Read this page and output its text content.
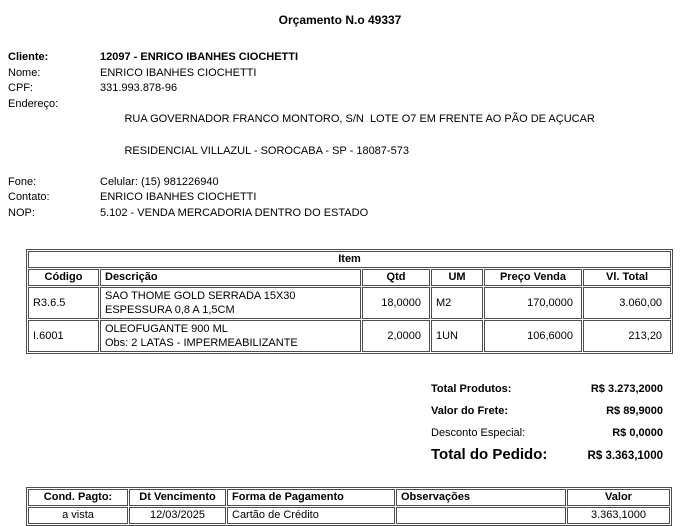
Orçamento N.o 49337
Cliente:	12097 - ENRICO IBANHES CIOCHETTI
Nome:	ENRICO IBANHES CIOCHETTI
CPF:	331.993.878-96
Endereço:

RUA GOVERNADOR FRANCO MONTORO, S/N  LOTE O7 EM FRENTE AO PÃO DE AÇUCAR

RESIDENCIAL VILLAZUL - SOROCABA - SP - 18087-573

Fone:	Celular: (15) 981226940
Contato:	ENRICO IBANHES CIOCHETTI
NOP:	5.102 - VENDA MERCADORIA DENTRO DO ESTADO
Item					
Código	Descrição	Qtd	UM	Preço Venda	Vl. Total
R3.6.5	SAO THOME GOLD SERRADA 15X30
ESPESSURA 0,8 A 1,5CM	18,0000	M2	170,0000	3.060,00
I.6001	OLEOFUGANTE 900 ML
Obs: 2 LATAS - IMPERMEABILIZANTE	2,0000	1UN	106,6000	213,20
Total Produtos:	R$ 3.273,2000
Valor do Frete:	R$ 89,9000
Desconto Especial:	R$ 0,0000
Total do Pedido:	R$ 3.363,1000
Cond. Pagto:	Dt Vencimento	Forma de Pagamento	Observações	Valor
a vista	12/03/2025	Cartão de Crédito		3.363,1000
